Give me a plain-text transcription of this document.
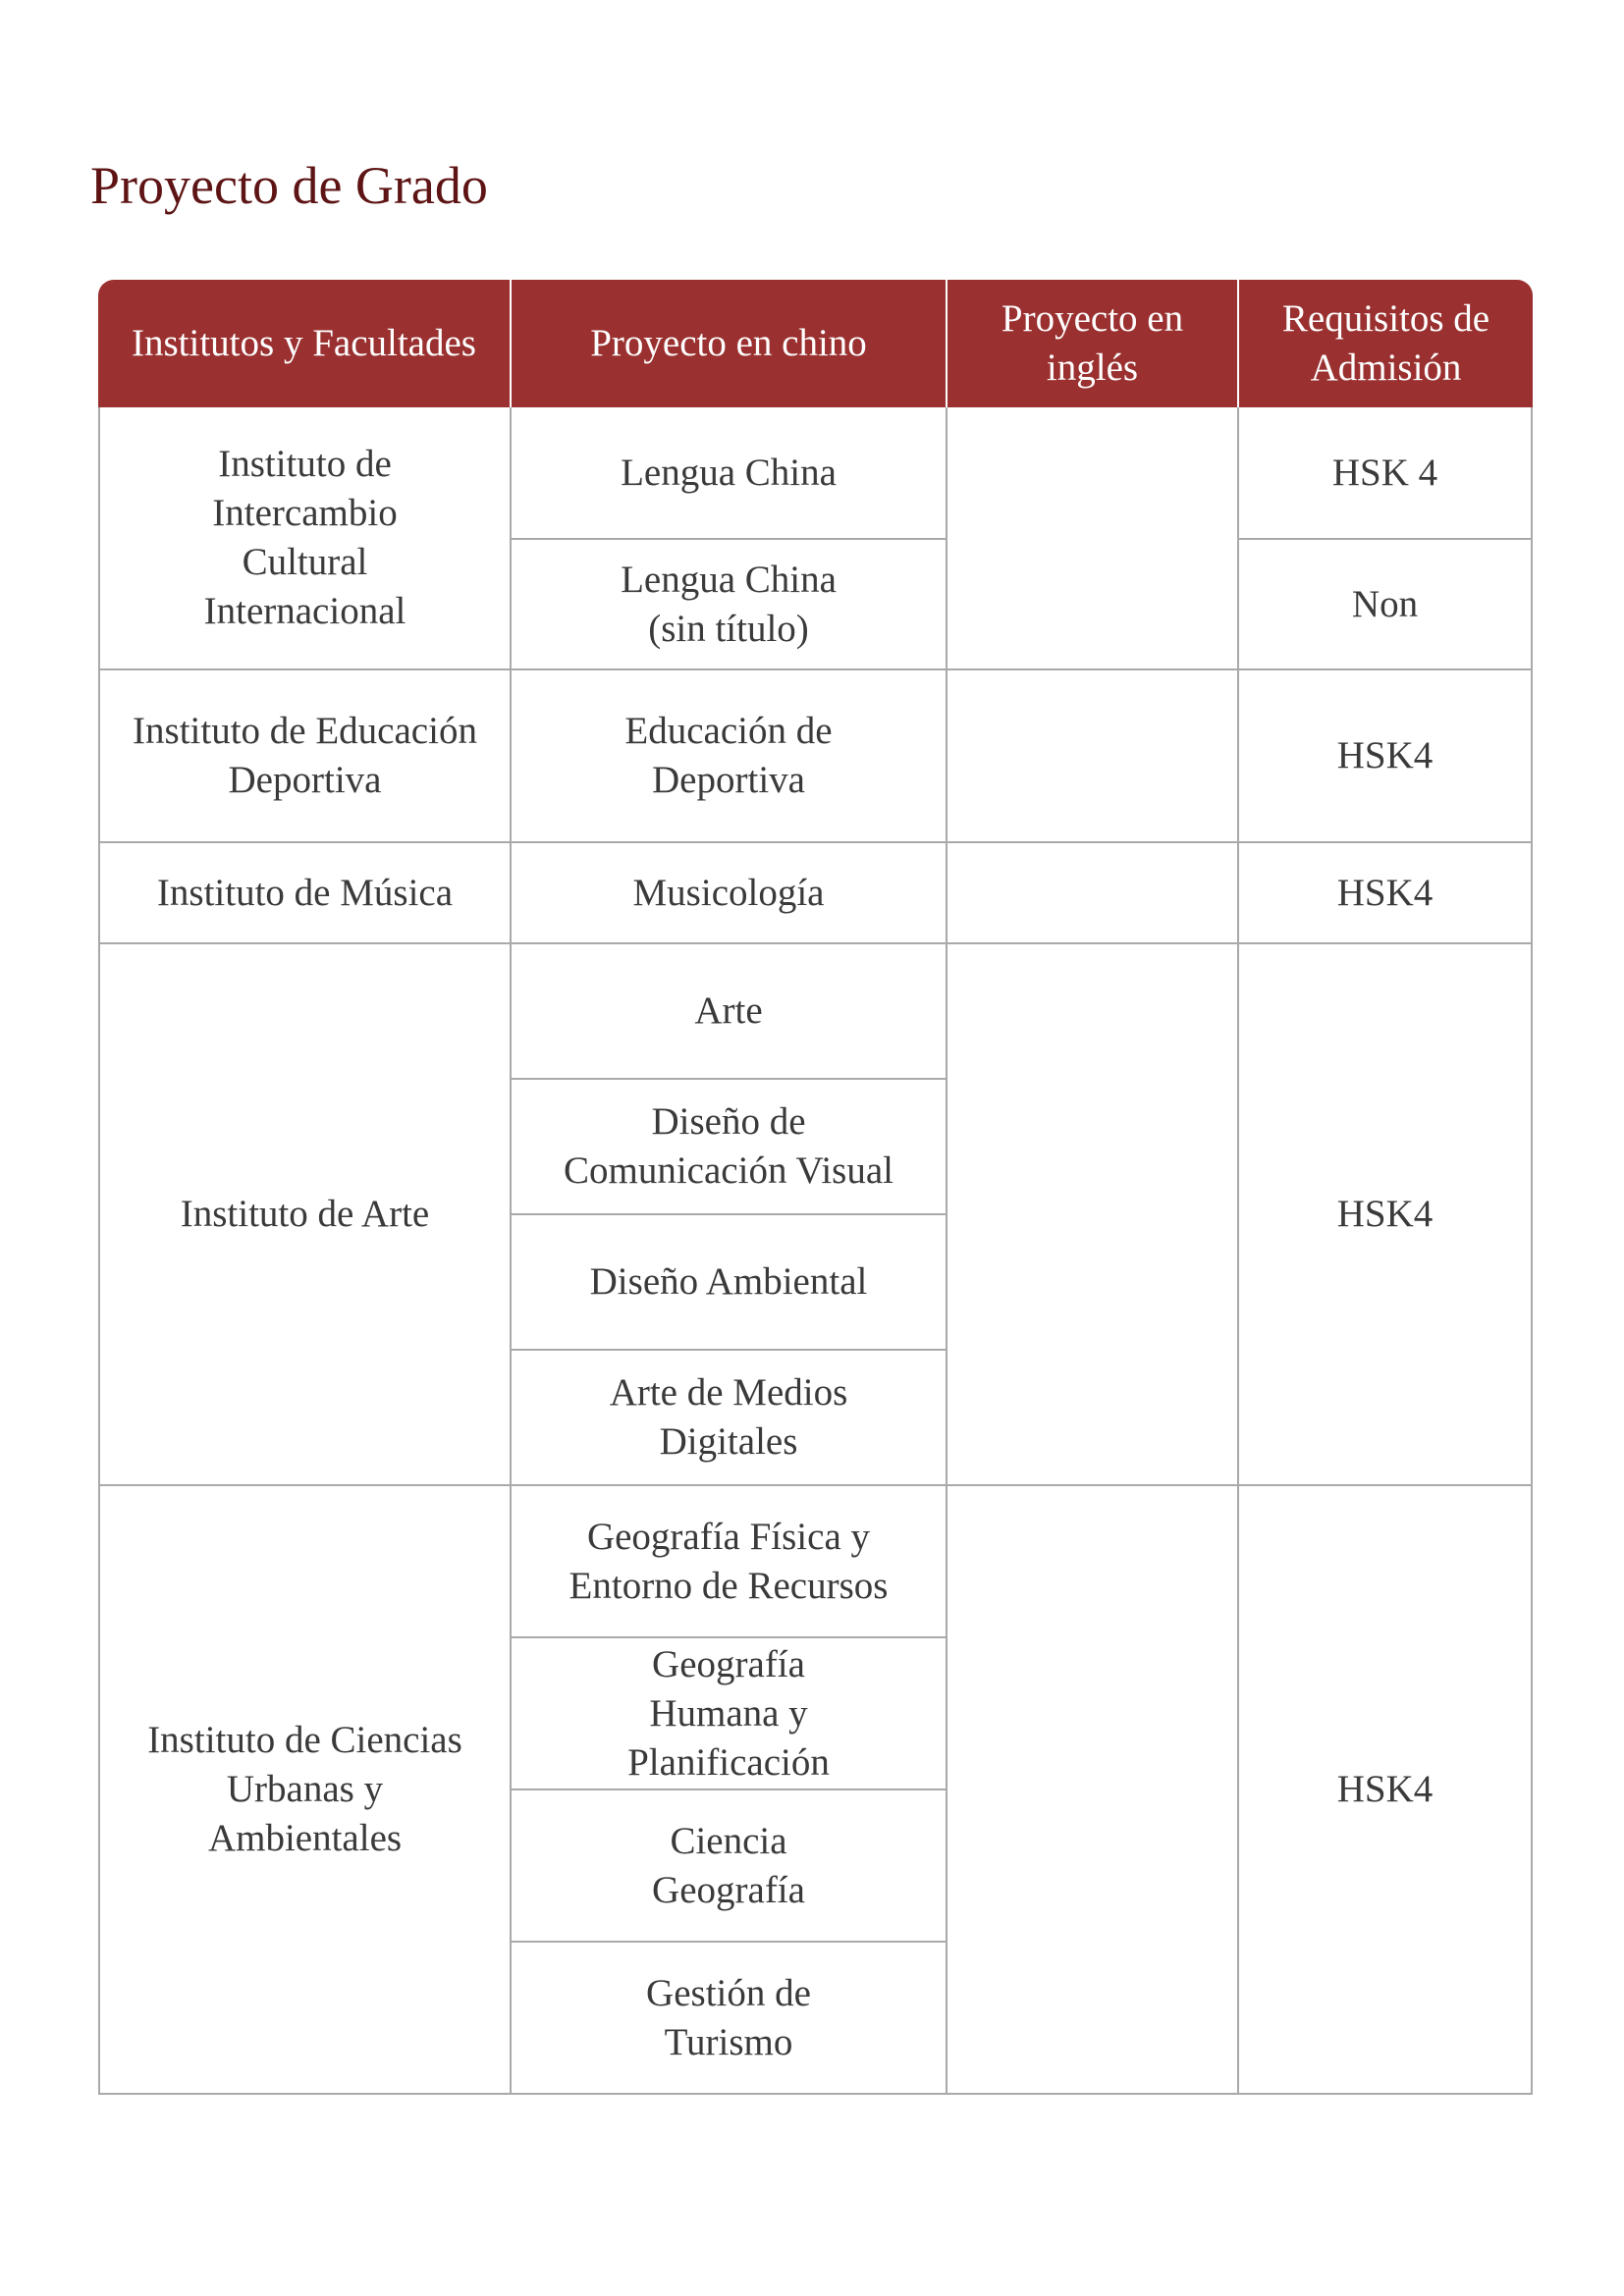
Proyecto de Grado
Institutos y Facultades	Proyecto en chino	Proyecto en inglés	Requisitos de Admisión
Instituto de Intercambio Cultural Internacional	Lengua China		HSK 4
	Lengua China (sin título)		Non
Instituto de Educación Deportiva	Educación de Deportiva		HSK4
Instituto de Música	Musicología		HSK4
Instituto de Arte	Arte		HSK4
	Diseño de Comunicación Visual		
	Diseño Ambiental		
	Arte de Medios Digitales		
Instituto de Ciencias Urbanas y Ambientales	Geografía Física y Entorno de Recursos		HSK4
	Geografía Humana y Planificación		
	Ciencia Geografía		
	Gestión de Turismo		
